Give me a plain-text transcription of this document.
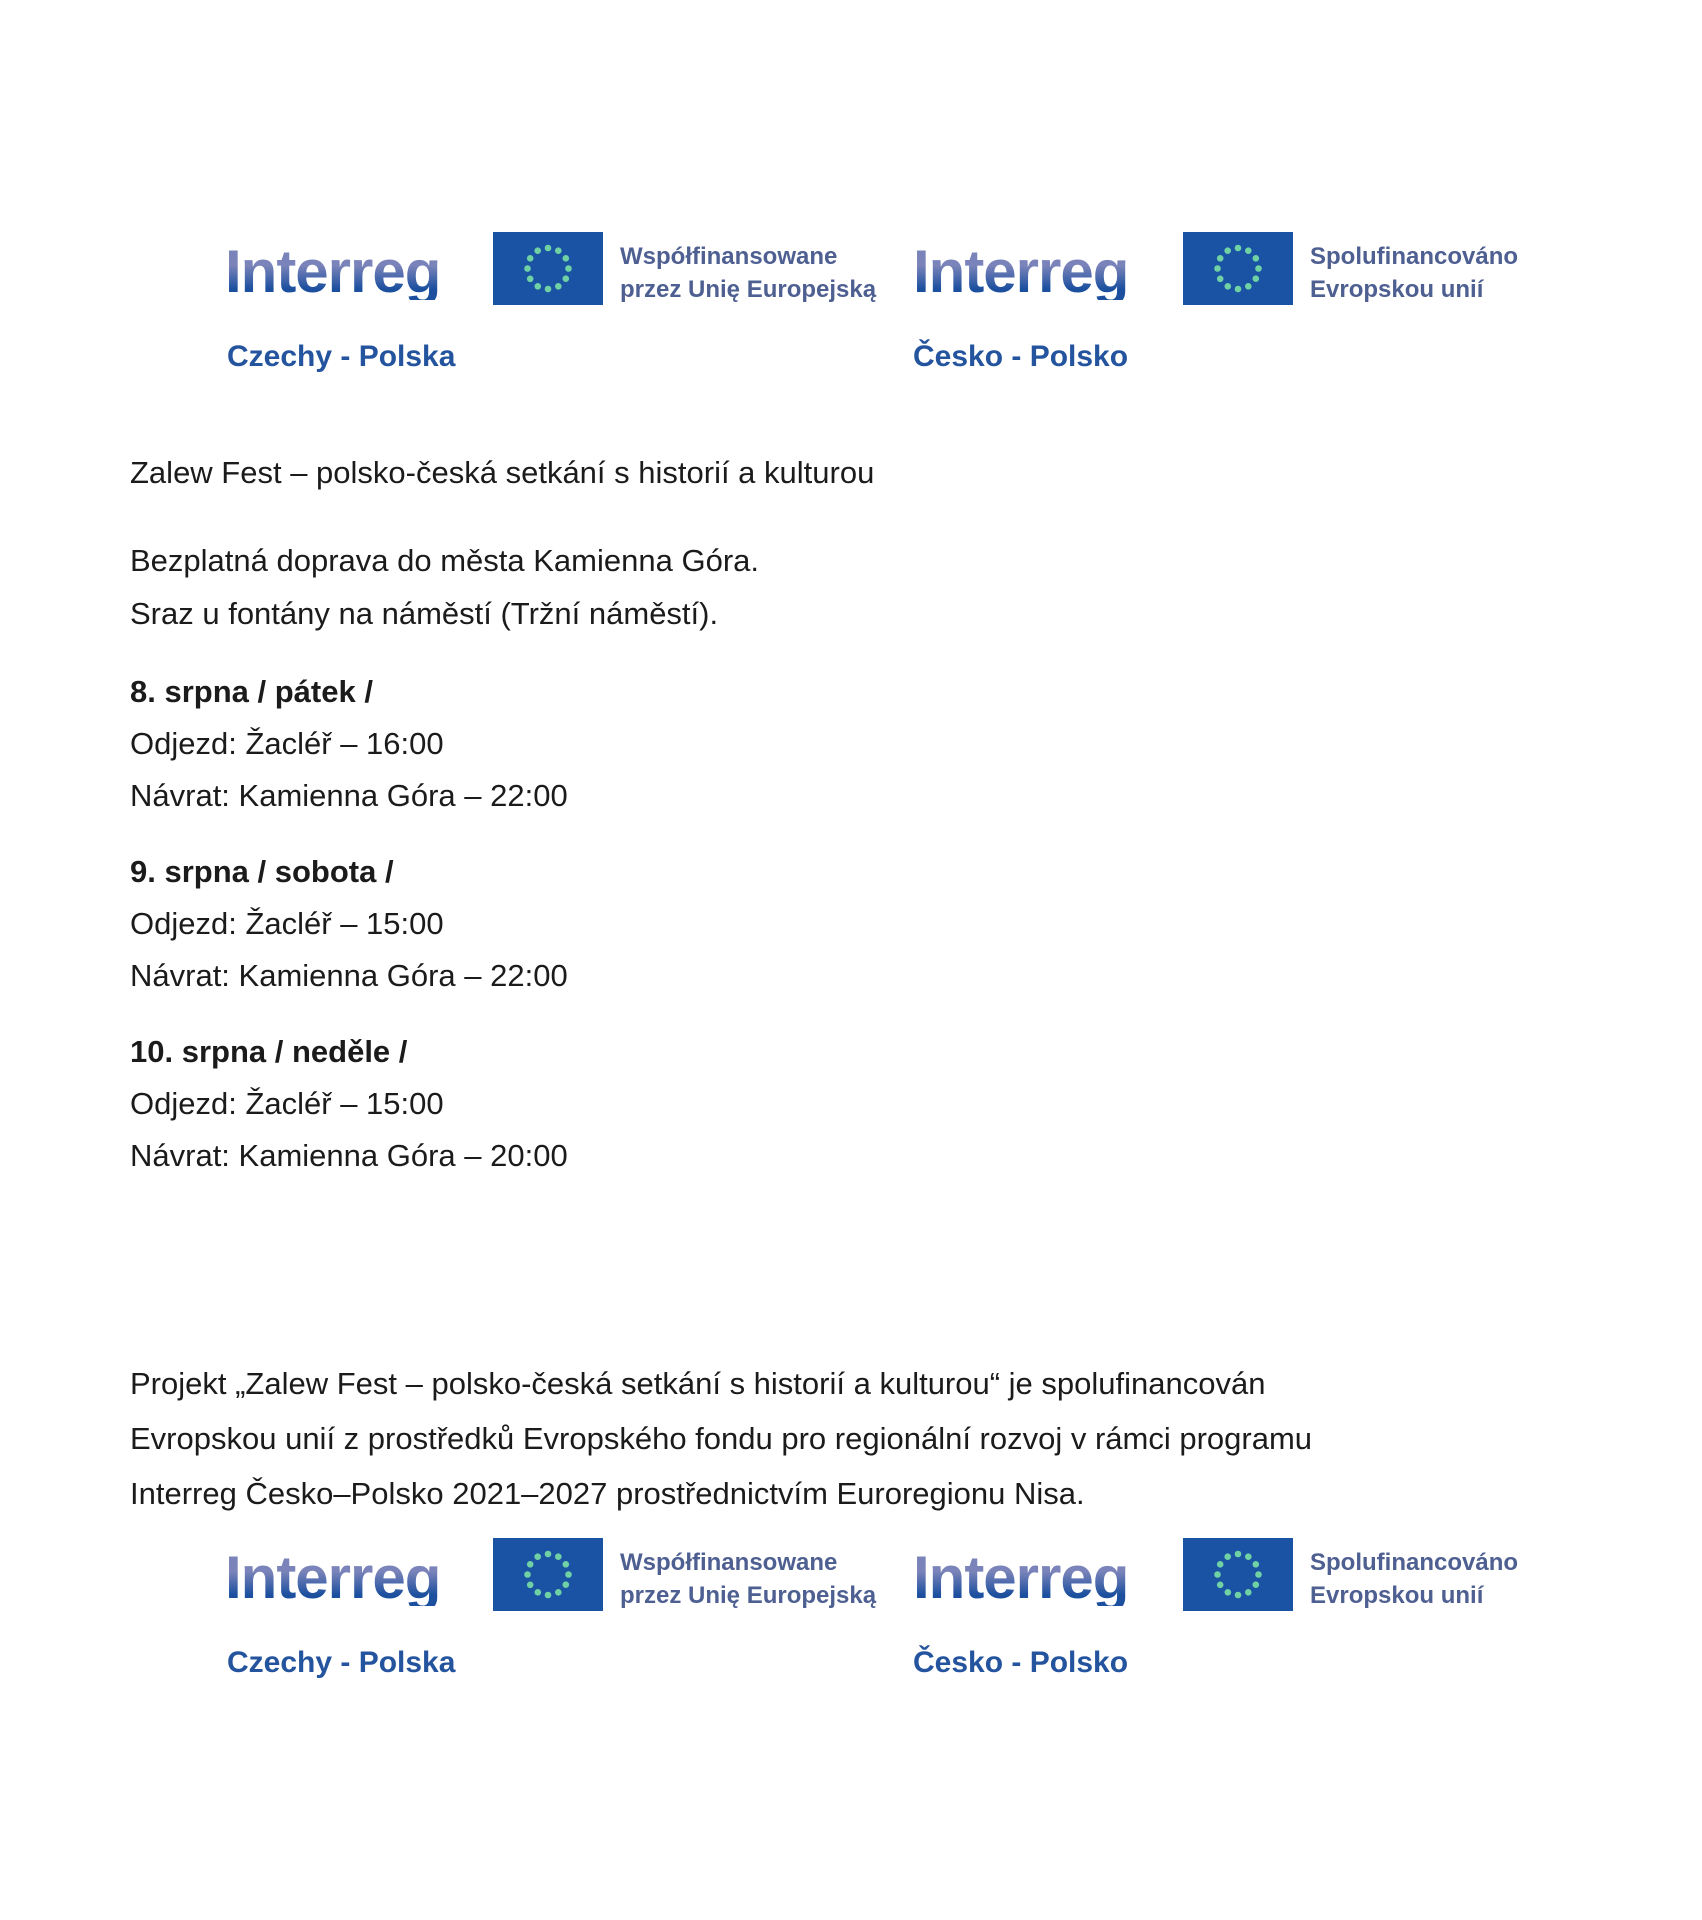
Interreg	Współfinansowane
przez Unię Europejską Interreg	Spolufinancováno
Evropskou unií
Czechy - Polska	Česko - Polsko
Zalew Fest – polsko-česká setkání s historií a kulturou
Bezplatná doprava do města Kamienna Góra.
Sraz u fontány na náměstí (Tržní náměstí).
8. srpna / pátek /
Odjezd: Žacléř – 16:00
Návrat: Kamienna Góra – 22:00
9. srpna / sobota /
Odjezd: Žacléř – 15:00
Návrat: Kamienna Góra – 22:00
10. srpna / neděle /
Odjezd: Žacléř – 15:00
Návrat: Kamienna Góra – 20:00
Projekt „Zalew Fest – polsko-česká setkání s historií a kulturou“ je spolufinancován
Evropskou unií z prostředků Evropského fondu pro regionální rozvoj v rámci programu
Interreg Česko–Polsko 2021–2027 prostřednictvím Euroregionu Nisa.
Interreg	Współfinansowane
przez Unię Europejską Interreg	Spolufinancováno
Evropskou unií
Czechy - Polska	Česko - Polsko
